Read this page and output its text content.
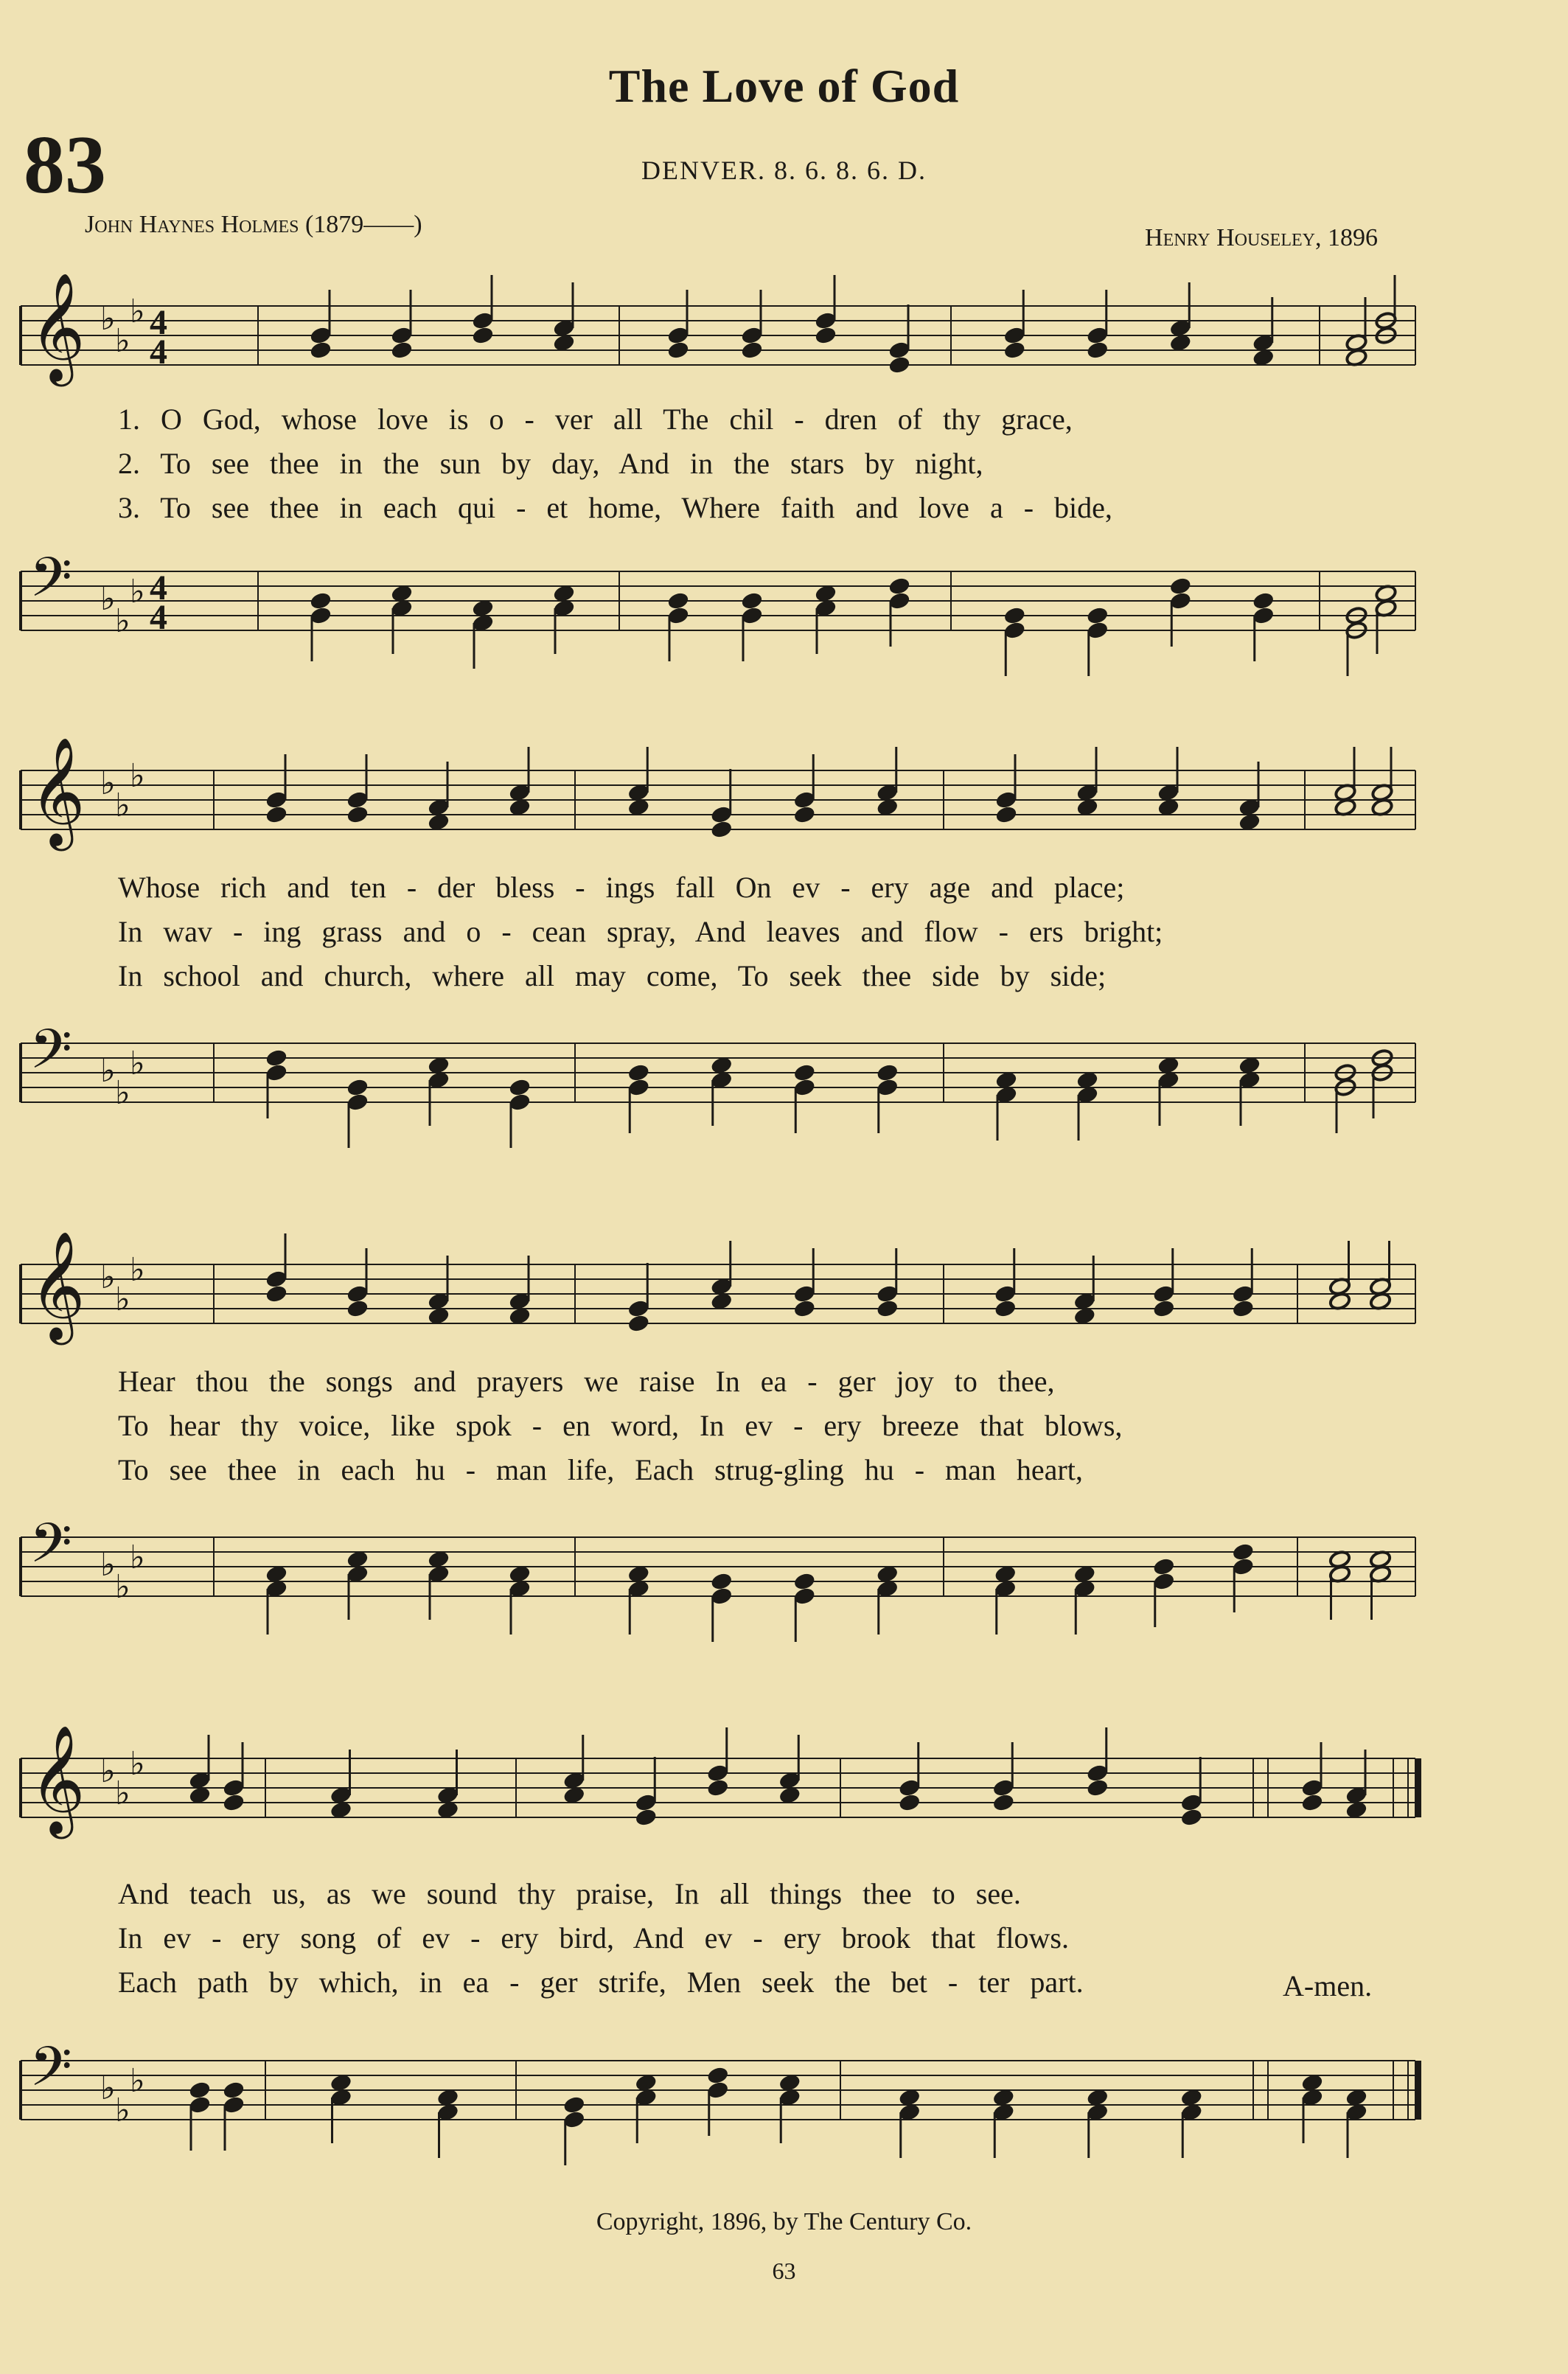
The Love of God
83	DENVER. 8. 6. 8. 6. D.
John Haynes Holmes (1879——)	Henry Houseley, 1896
𝄞 ♭
♭
♭ 4
4
1. O God, whose love is o - ver all The chil - dren of thy grace,
2. To see thee in the sun by day, And in the stars by night,
3. To see thee in each qui - et home, Where faith and love a - bide,
𝄢 ♭
♭
♭ 4
4
𝄞 ♭
♭
♭
Whose rich and ten - der bless - ings fall On ev - ery age and place;
In wav - ing grass and o - cean spray, And leaves and flow - ers bright;
In school and church, where all may come, To seek thee side by side;
𝄢 ♭
♭
♭
𝄞 ♭
♭
♭
Hear thou the songs and prayers we raise In ea - ger joy to thee,
To hear thy voice, like spok - en word, In ev - ery breeze that blows,
To see thee in each hu - man life, Each strug-gling hu - man heart,
𝄢 ♭
♭
♭
𝄞 ♭
♭
♭
And teach us, as we sound thy praise, In all things thee to see.
In ev - ery song of ev - ery bird, And ev - ery brook that flows.
Each path by which, in ea - ger strife, Men seek the bet - ter part.	A-men.
𝄢 ♭
♭
♭
Copyright, 1896, by The Century Co.
63
